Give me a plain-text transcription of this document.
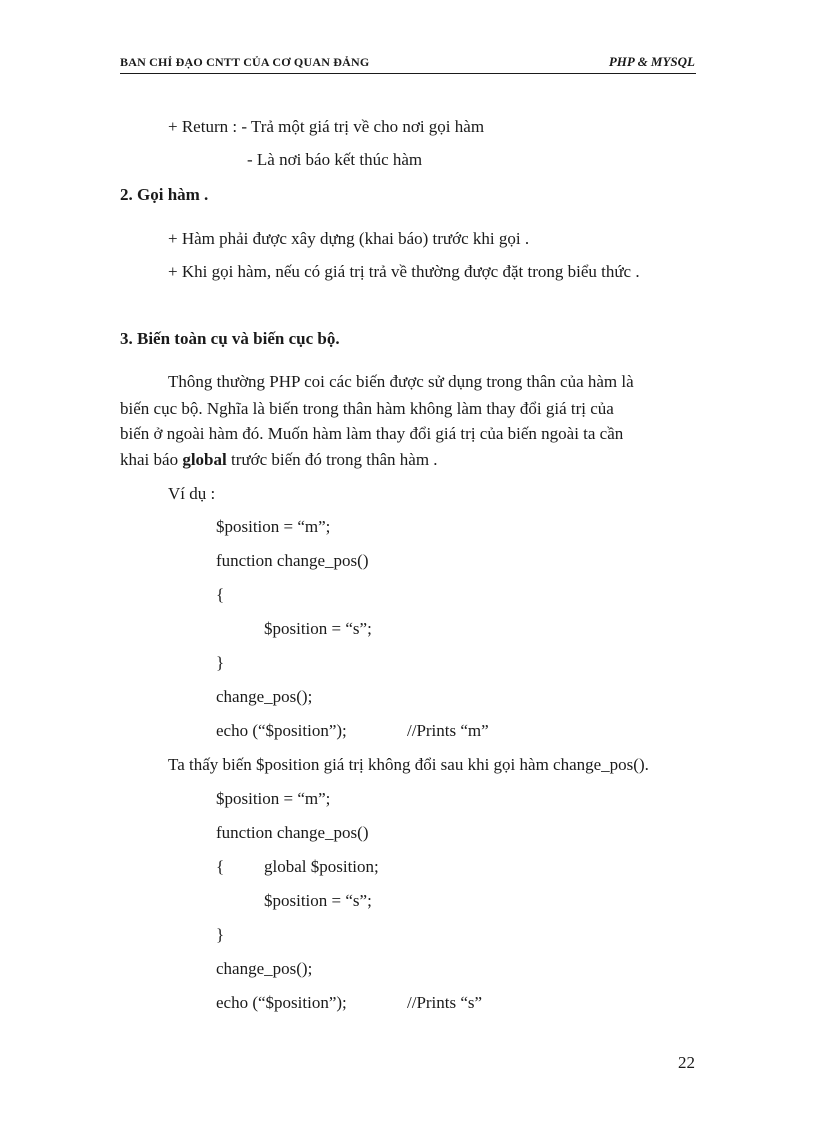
BAN CHỈ ĐẠO CNTT CỦA CƠ QUAN ĐẢNG	PHP & MYSQL
+ Return : - Trả một giá trị về cho nơi gọi hàm
- Là nơi báo kết thúc hàm
2. Gọi hàm .
+ Hàm phải được xây dựng (khai báo) trước khi gọi .
+ Khi gọi hàm, nếu có giá trị trả về thường được đặt trong biểu thức .
3. Biến toàn cụ và biến cục bộ.
Thông thường PHP coi các biến được sử dụng trong thân của hàm là
biến cục bộ. Nghĩa là biến trong thân hàm không làm thay đổi giá trị của
biến ở ngoài hàm đó. Muốn hàm làm thay đổi giá trị của biến ngoài ta cần
khai báo global trước biến đó trong thân hàm .
Ví dụ :
$position = “m”;
function change_pos()
{
$position = “s”;
}
change_pos();
echo (“$position”);	//Prints “m”
Ta thấy biến $position giá trị không đổi sau khi gọi hàm change_pos().
$position = “m”;
function change_pos()
{ global $position;
$position = “s”;
}
change_pos();
echo (“$position”);	//Prints “s”
22
